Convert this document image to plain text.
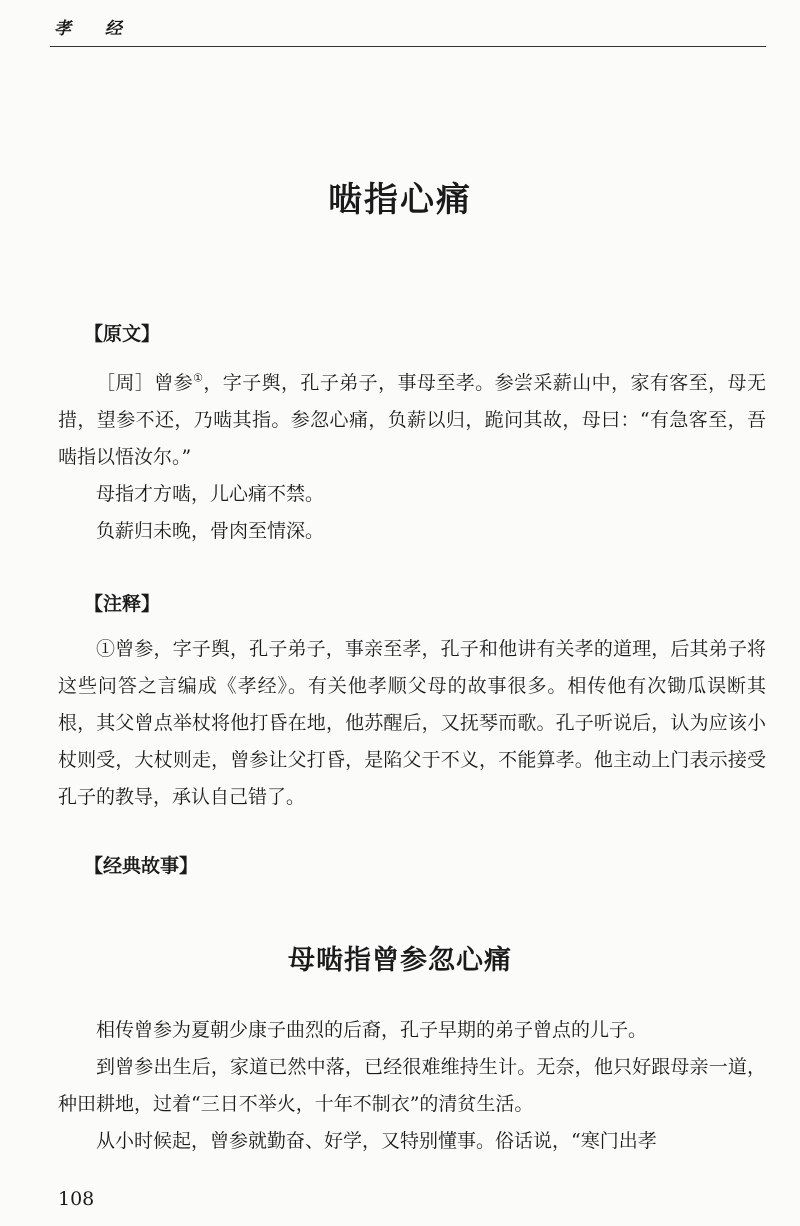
孝 经
啮指心痛
【原文】

［周］曾参①，字子舆，孔子弟子，事母至孝。参尝采薪山中，家有客至，母无措，望参不还，乃啮其指。参忽心痛，负薪以归，跪问其故，母曰：“有急客至，吾啮指以悟汝尔。”

母指才方啮，儿心痛不禁。

负薪归未晚，骨肉至情深。

【注释】

①曾参，字子舆，孔子弟子，事亲至孝，孔子和他讲有关孝的道理，后其弟子将这些问答之言编成《孝经》。有关他孝顺父母的故事很多。相传他有次锄瓜误断其根，其父曾点举杖将他打昏在地，他苏醒后，又抚琴而歌。孔子听说后，认为应该小杖则受，大杖则走，曾参让父打昏，是陷父于不义，不能算孝。他主动上门表示接受孔子的教导，承认自己错了。

【经典故事】
母啮指曾参忽心痛

相传曾参为夏朝少康子曲烈的后裔，孔子早期的弟子曾点的儿子。

到曾参出生后，家道已然中落，已经很难维持生计。无奈，他只好跟母亲一道，种田耕地，过着“三日不举火，十年不制衣”的清贫生活。

从小时候起，曾参就勤奋、好学，又特别懂事。俗话说，“寒门出孝

108
